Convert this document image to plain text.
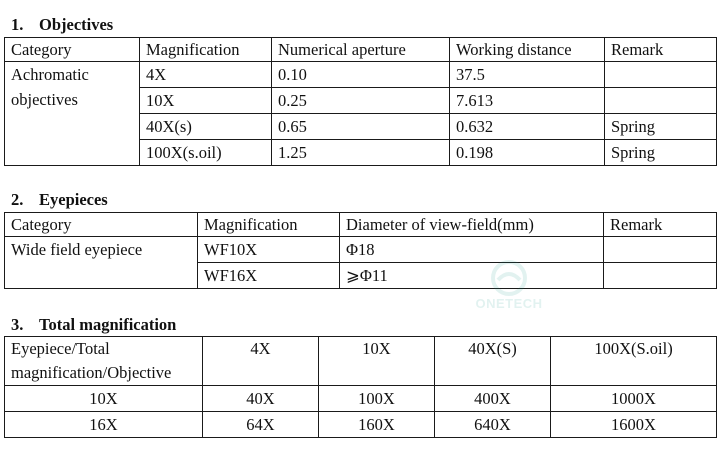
1. Objectives
Category	Magnification	Numerical aperture	Working distance	Remark

Achromatic
objectives	4X	0.10	37.5	
	10X	0.25	7.613	
	40X(s)	0.65	0.632	Spring
	100X(s.oil)	1.25	0.198	Spring
2. Eyepieces
Category	Magnification	Diameter of view-field(mm)	Remark
Wide field eyepiece	WF10X	Φ18	
	WF16X	⩾Φ11	
ONETECH
3. Total magnification
Eyepiece/Total
magnification/Objective	4X	10X	40X(S)	100X(S.oil)
10X	40X	100X	400X	1000X
16X	64X	160X	640X	1600X
